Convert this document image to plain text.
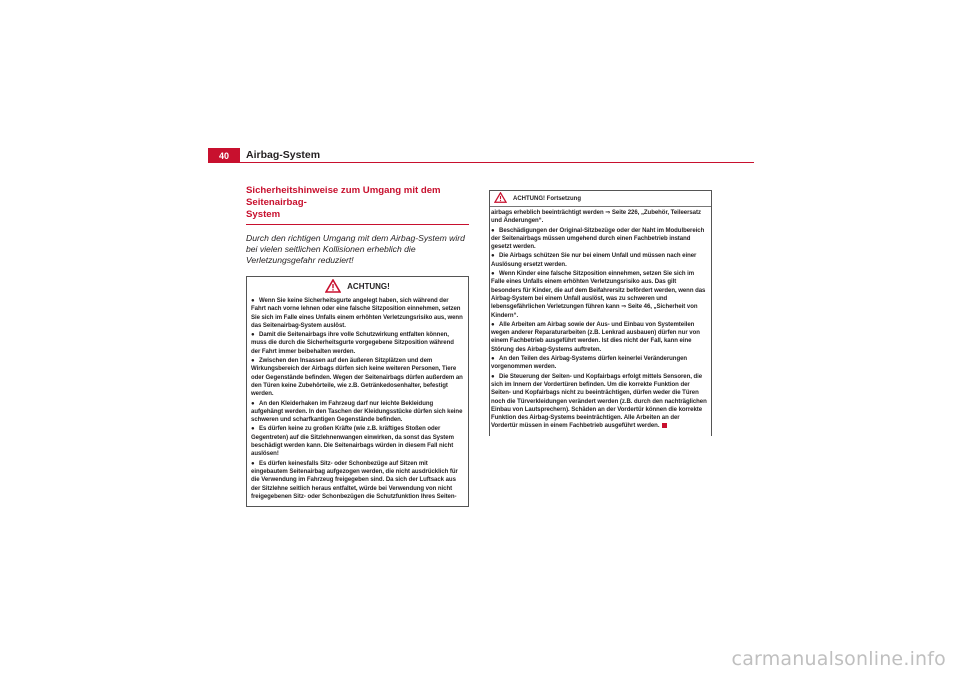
40	Airbag-System
Sicherheitshinweise zum Umgang mit dem Seitenairbag-
System

Durch den richtigen Umgang mit dem Airbag-System wird bei vielen seitlichen Kollisionen erheblich die Verletzungsgefahr reduziert!

ACHTUNG!

● Wenn Sie keine Sicherheitsgurte angelegt haben, sich während der Fahrt nach vorne lehnen oder eine falsche Sitzposition einnehmen, setzen Sie sich im Falle eines Unfalls einem erhöhten Verletzungsrisiko aus, wenn das Seitenairbag-System auslöst.

● Damit die Seitenairbags ihre volle Schutzwirkung entfalten können, muss die durch die Sicherheitsgurte vorgegebene Sitzposition während der Fahrt immer beibehalten werden.

● Zwischen den Insassen auf den äußeren Sitzplätzen und dem Wirkungsbereich der Airbags dürfen sich keine weiteren Personen, Tiere oder Gegenstände befinden. Wegen der Seitenairbags dürfen außerdem an den Türen keine Zubehörteile, wie z.B. Getränkedosenhalter, befestigt werden.

● An den Kleiderhaken im Fahrzeug darf nur leichte Bekleidung aufgehängt werden. In den Taschen der Kleidungsstücke dürfen sich keine schweren und scharfkantigen Gegenstände befinden.

● Es dürfen keine zu großen Kräfte (wie z.B. kräftiges Stoßen oder Gegentreten) auf die Sitzlehnenwangen einwirken, da sonst das System beschädigt werden kann. Die Seitenairbags würden in diesem Fall nicht auslösen!

● Es dürfen keinesfalls Sitz- oder Schonbezüge auf Sitzen mit eingebautem Seitenairbag aufgezogen werden, die nicht ausdrücklich für die Verwendung im Fahrzeug freigegeben sind. Da sich der Luftsack aus der Sitzlehne seitlich heraus entfaltet, würde bei Verwendung von nicht freigegebenen Sitz- oder Schonbezügen die Schutzfunktion Ihres Seiten-

ACHTUNG! Fortsetzung

airbags erheblich beeinträchtigt werden ⇒ Seite 226, „Zubehör, Teileersatz und Änderungen“.

● Beschädigungen der Original-Sitzbezüge oder der Naht im Modulbereich der Seitenairbags müssen umgehend durch einen Fachbetrieb instand gesetzt werden.

● Die Airbags schützen Sie nur bei einem Unfall und müssen nach einer Auslösung ersetzt werden.

● Wenn Kinder eine falsche Sitzposition einnehmen, setzen Sie sich im Falle eines Unfalls einem erhöhten Verletzungsrisiko aus. Das gilt besonders für Kinder, die auf dem Beifahrersitz befördert werden, wenn das Airbag-System bei einem Unfall auslöst, was zu schweren und lebensgefährlichen Verletzungen führen kann ⇒ Seite 46, „Sicherheit von Kindern“.

● Alle Arbeiten am Airbag sowie der Aus- und Einbau von Systemteilen wegen anderer Reparaturarbeiten (z.B. Lenkrad ausbauen) dürfen nur von einem Fachbetrieb ausgeführt werden. Ist dies nicht der Fall, kann eine Störung des Airbag-Systems auftreten.

● An den Teilen des Airbag-Systems dürfen keinerlei Veränderungen vorgenommen werden.

● Die Steuerung der Seiten- und Kopfairbags erfolgt mittels Sensoren, die sich im Innern der Vordertüren befinden. Um die korrekte Funktion der Seiten- und Kopfairbags nicht zu beeinträchtigen, dürfen weder die Türen noch die Türverkleidungen verändert werden (z.B. durch den nachträglichen Einbau von Lautsprechern). Schäden an der Vordertür können die korrekte Funktion des Airbag-Systems beeinträchtigen. Alle Arbeiten an der Vordertür müssen in einem Fachbetrieb ausgeführt werden.

carmanualsonline.info
